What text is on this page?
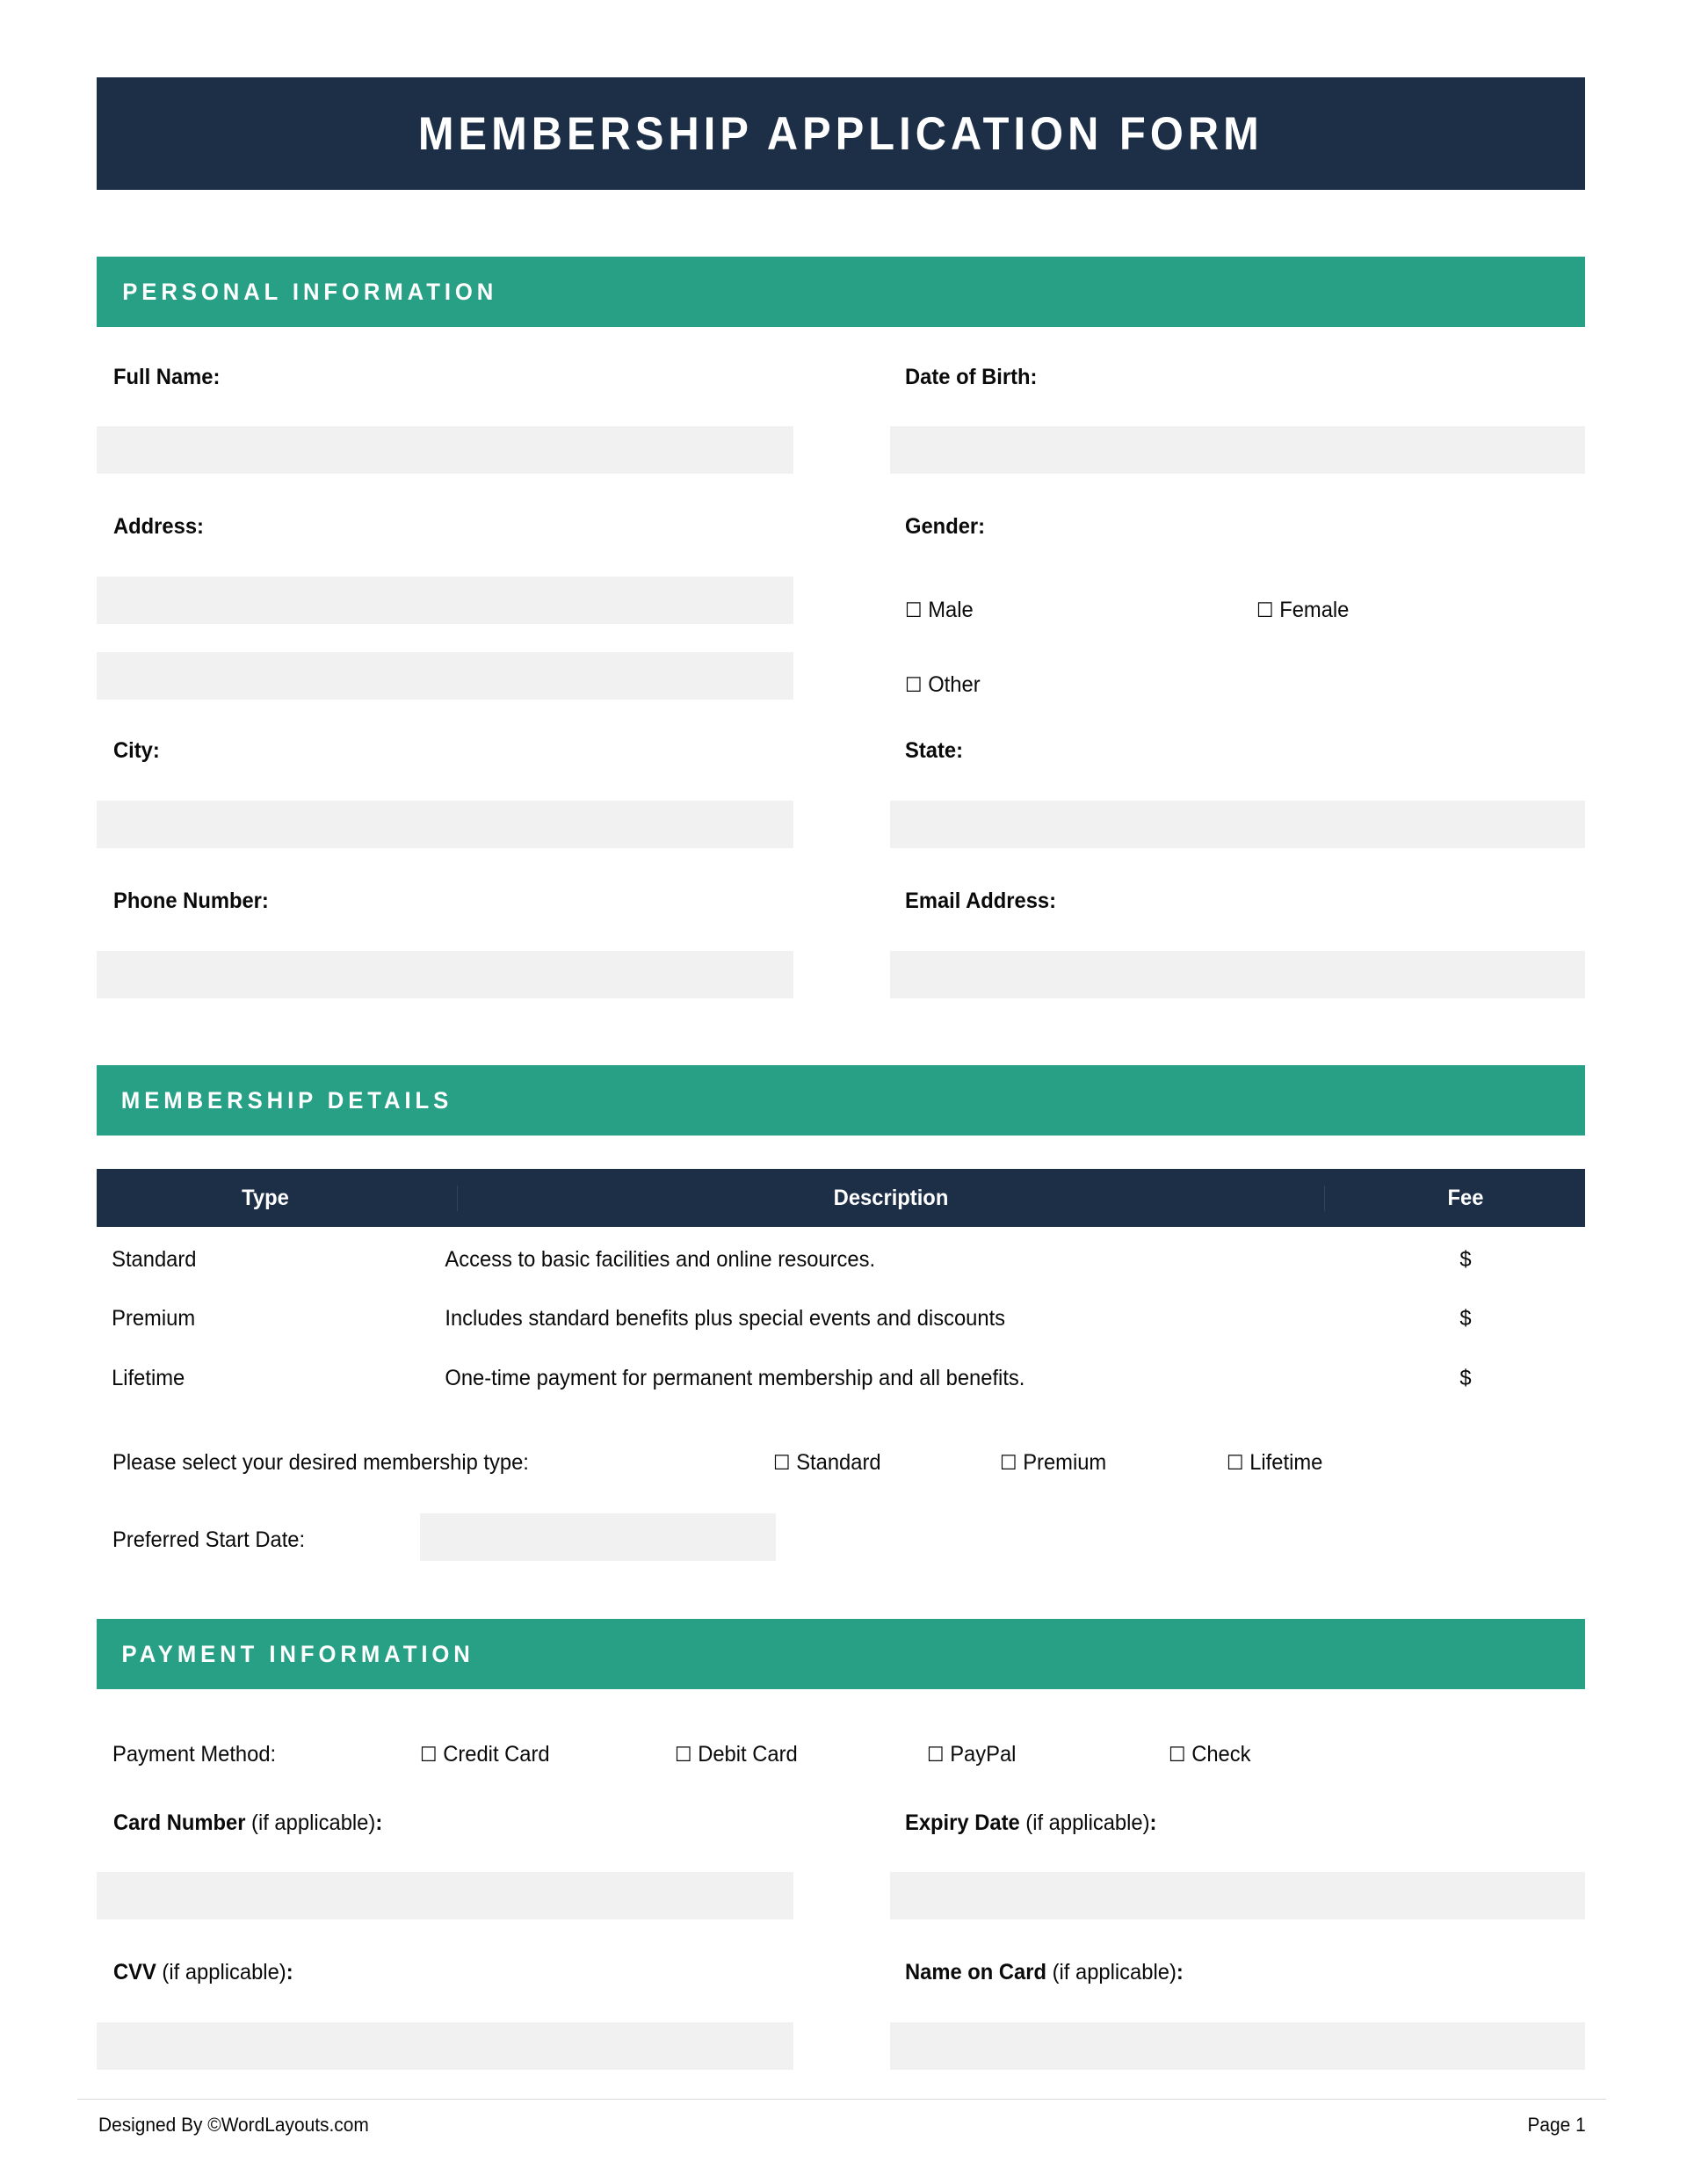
MEMBERSHIP APPLICATION FORM
PERSONAL INFORMATION
Full Name:	Date of Birth:
Address:	Gender:
☐ Male	☐ Female
☐ Other
City:	State:
Phone Number:	Email Address:
MEMBERSHIP DETAILS
Type	Description	Fee
Standard	Access to basic facilities and online resources.	$
Premium	Includes standard benefits plus special events and discounts	$
Lifetime	One-time payment for permanent membership and all benefits.	$
Please select your desired membership type:	☐ Standard	☐ Premium	☐ Lifetime
Preferred Start Date:
PAYMENT INFORMATION
Payment Method:	☐ Credit Card	☐ Debit Card	☐ PayPal	☐ Check
Card Number (if applicable):	Expiry Date (if applicable):
CVV (if applicable):	Name on Card (if applicable):
Designed By ©WordLayouts.com	Page 1
